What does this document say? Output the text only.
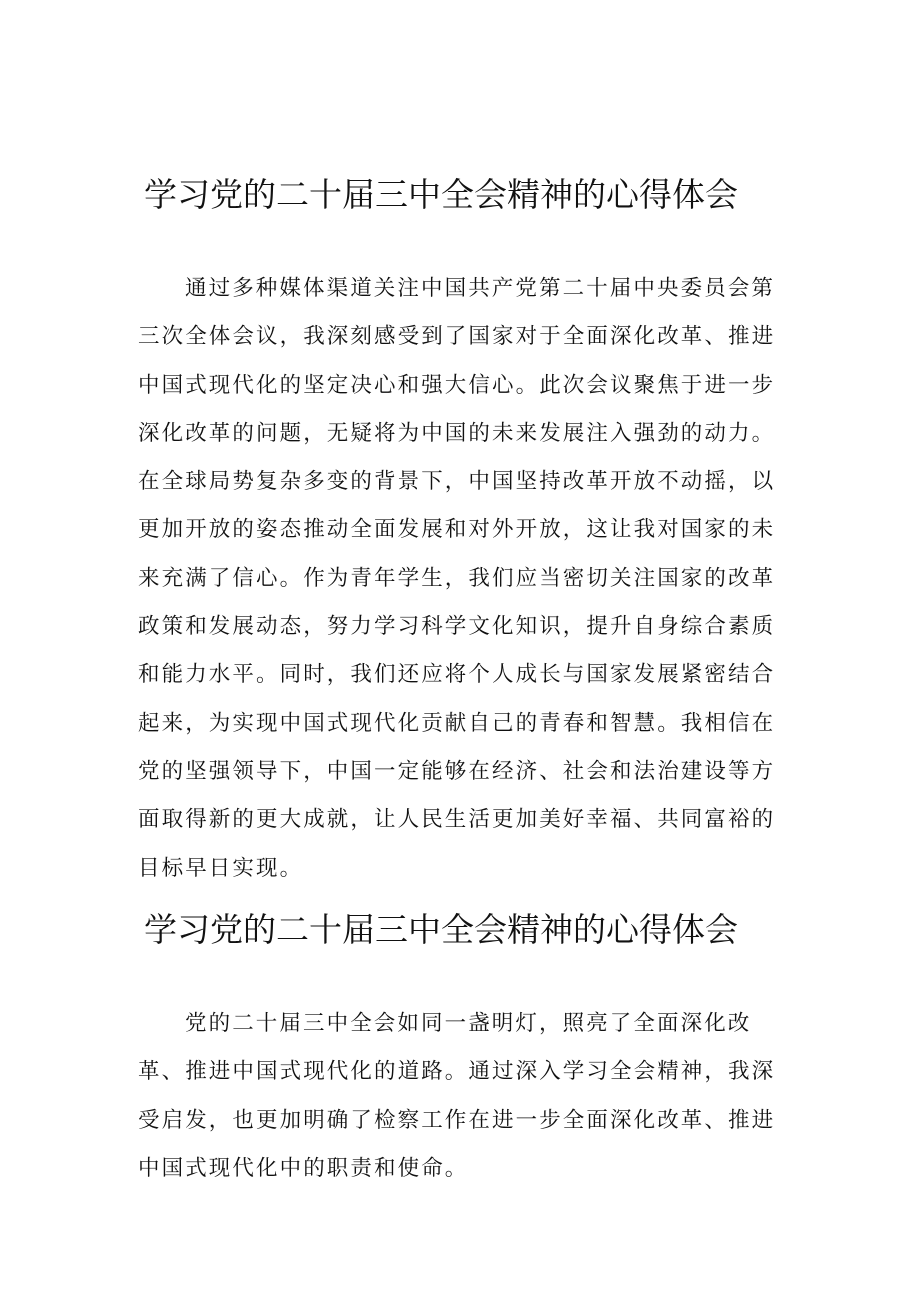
学习党的二十届三中全会精神的心得体会

通过多种媒体渠道关注中国共产党第二十届中央委员会第三次全体会议，我深刻感受到了国家对于全面深化改革、推进中国式现代化的坚定决心和强大信心。此次会议聚焦于进一步深化改革的问题，无疑将为中国的未来发展注入强劲的动力。在全球局势复杂多变的背景下，中国坚持改革开放不动摇，以更加开放的姿态推动全面发展和对外开放，这让我对国家的未来充满了信心。作为青年学生，我们应当密切关注国家的改革政策和发展动态，努力学习科学文化知识，提升自身综合素质和能力水平。同时，我们还应将个人成长与国家发展紧密结合起来，为实现中国式现代化贡献自己的青春和智慧。我相信在党的坚强领导下，中国一定能够在经济、社会和法治建设等方面取得新的更大成就，让人民生活更加美好幸福、共同富裕的目标早日实现。

学习党的二十届三中全会精神的心得体会

党的二十届三中全会如同一盏明灯，照亮了全面深化改革、推进中国式现代化的道路。通过深入学习全会精神，我深受启发，也更加明确了检察工作在进一步全面深化改革、推进中国式现代化中的职责和使命。
